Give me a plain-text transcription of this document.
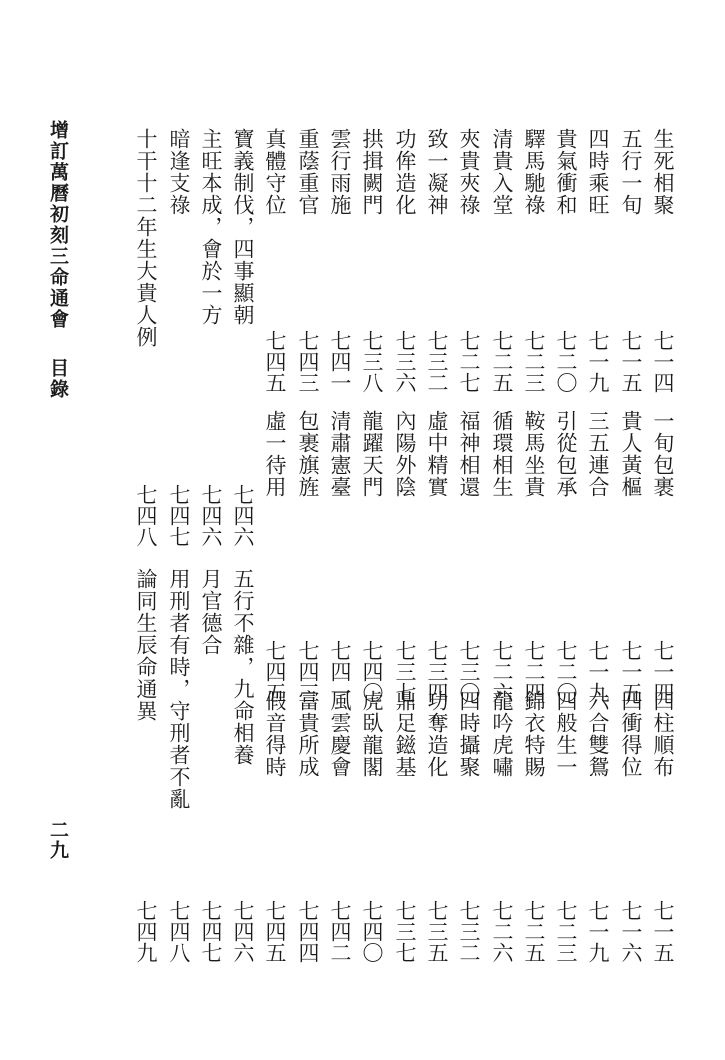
增訂萬曆初刻三命通會
目錄
二九
生死相聚
七一四
一旬包裹
七一四
四柱順布
七一五
五行一旬
七一五
貴人黃樞
七一五
四衝得位
七一六
四時乘旺
七一九
三五連合
七一九
六合雙鴛
七一九
貴氣衝和
七二〇
引從包承
七二〇
四般生一
七二三
驛馬馳祿
七二三
鞍馬坐貴
七二四
錦衣特賜
七二五
清貴入堂
七二五
循環相生
七二六
龍吟虎嘯
七二六
夾貴夾祿
七二七
福神相還
七三〇
四時攝聚
七三二
致一凝神
七三二
虛中精實
七三四
功奪造化
七三五
功侔造化
七三六
內陽外陰
七三七
鼎足鎡基
七三七
拱揖闕門
七三八
龍躍天門
七四〇
虎臥龍閣
七四〇
雲行雨施
七四一
清肅憲臺
七四一
風雲慶會
七四二
重蔭重官
七四三
包裹旗旌
七四三
富貴所成
七四四
真體守位
七四五
虛一待用
七四五
假音得時
七四五
寶義制伐，四事顯朝
七四六
五行不雜，九命相養
七四六
主旺本成，會於一方
七四六
月官德合
七四七
暗逢支祿
七四七
用刑者有時，守刑者不亂
七四八
十干十二年生大貴人例
七四八
論同生辰命通異
七四九
